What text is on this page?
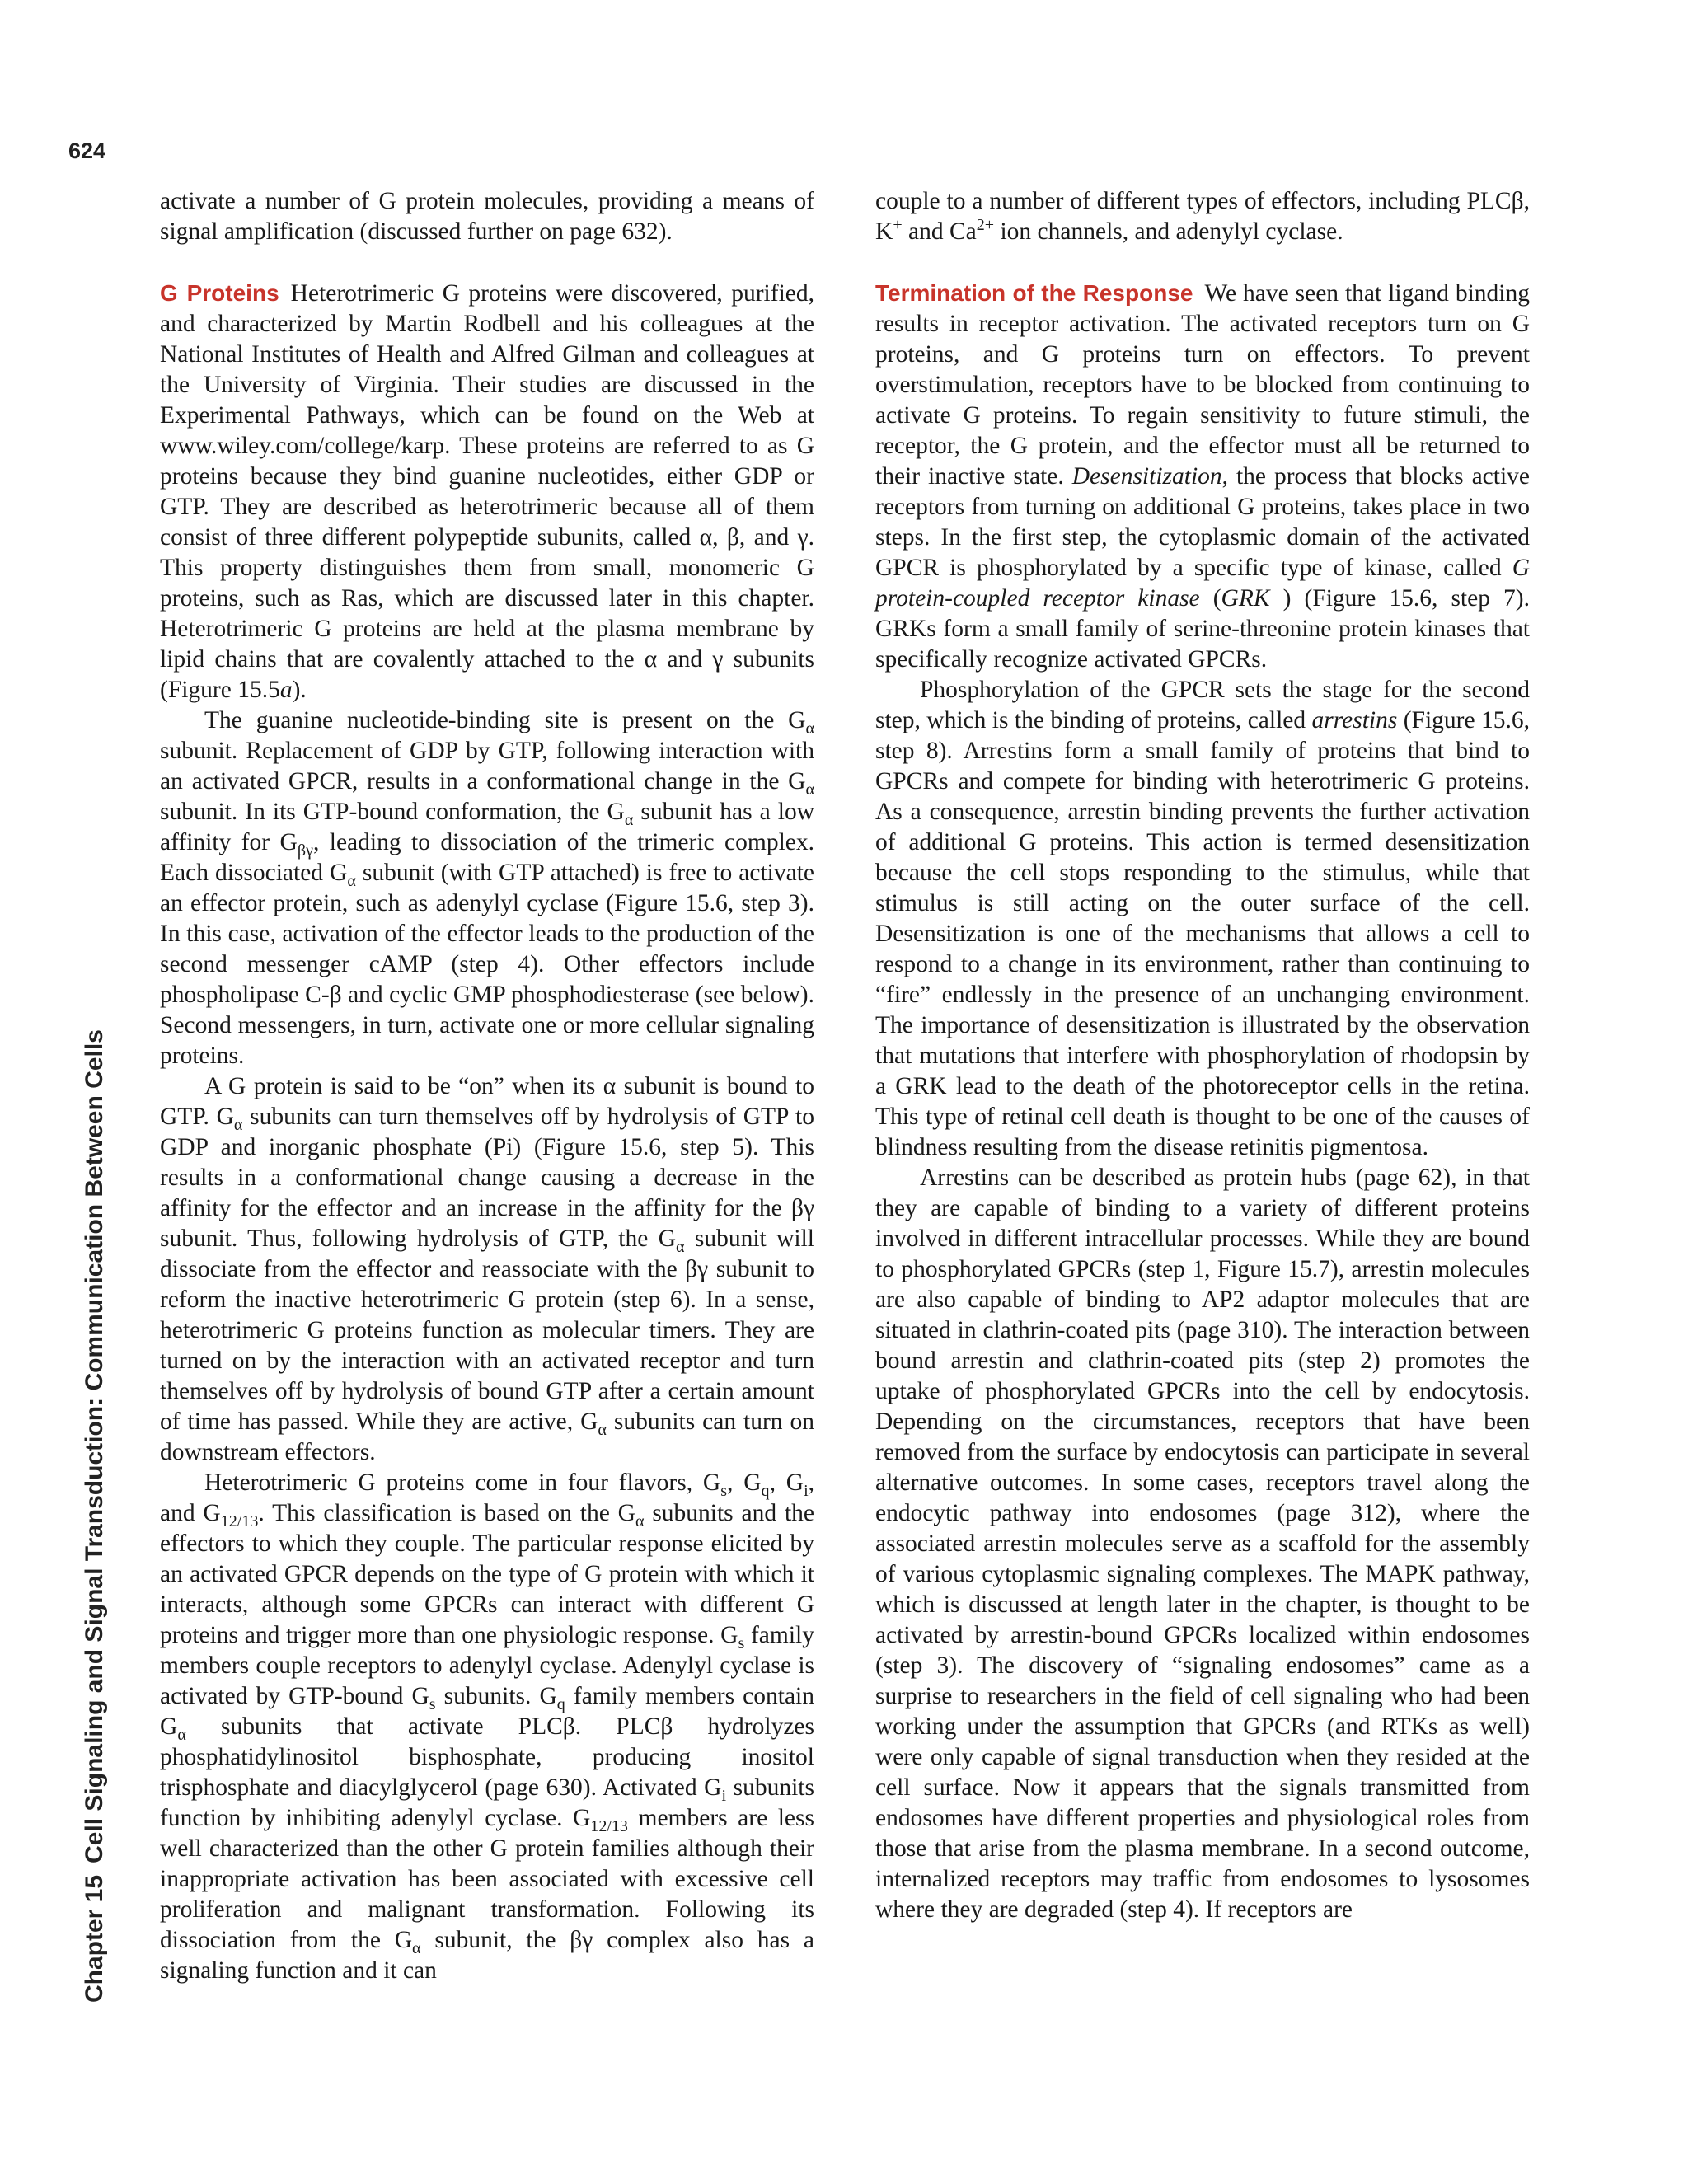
624
Chapter 15Cell Signaling and Signal Transduction: Communication Between Cells

activate a number of G protein molecules, providing a means of signal amplification (discussed further on page 632).

G Proteins Heterotrimeric G proteins were discovered, purified, and characterized by Martin Rodbell and his colleagues at the National Institutes of Health and Alfred Gilman and colleagues at the University of Virginia. Their studies are discussed in the Experimental Pathways, which can be found on the Web at www.wiley.com/college/karp. These proteins are referred to as G proteins because they bind guanine nucleotides, either GDP or GTP. They are described as heterotrimeric because all of them consist of three different polypeptide subunits, called α, β, and γ. This property distinguishes them from small, monomeric G proteins, such as Ras, which are discussed later in this chapter. Heterotrimeric G proteins are held at the plasma membrane by lipid chains that are covalently attached to the α and γ subunits (Figure 15.5a).

The guanine nucleotide-binding site is present on the $G_\alpha$ subunit. Replacement of GDP by GTP, following interaction with an activated GPCR, results in a conformational change in the $G_\alpha$ subunit. In its GTP-bound conformation, the $G_\alpha$ subunit has a low affinity for $G_{\beta\gamma}$, leading to dissociation of the trimeric complex. Each dissociated $G_\alpha$ subunit (with GTP attached) is free to activate an effector protein, such as adenylyl cyclase (Figure 15.6, step 3). In this case, activation of the effector leads to the production of the second messenger cAMP (step 4). Other effectors include phospholipase C-β and cyclic GMP phosphodiesterase (see below). Second messengers, in turn, activate one or more cellular signaling proteins.

A G protein is said to be “on” when its α subunit is bound to GTP. $G_\alpha$ subunits can turn themselves off by hydrolysis of GTP to GDP and inorganic phosphate (Pi) (Figure 15.6, step 5). This results in a conformational change causing a decrease in the affinity for the effector and an increase in the affinity for the βγ subunit. Thus, following hydrolysis of GTP, the $G_\alpha$ subunit will dissociate from the effector and reassociate with the βγ subunit to reform the inactive heterotrimeric G protein (step 6). In a sense, heterotrimeric G proteins function as molecular timers. They are turned on by the interaction with an activated receptor and turn themselves off by hydrolysis of bound GTP after a certain amount of time has passed. While they are active, $G_\alpha$ subunits can turn on downstream effectors.

Heterotrimeric G proteins come in four flavors, $G_s$, $G_q$, $G_i$, and $G_{12/13}$. This classification is based on the $G_\alpha$ subunits and the effectors to which they couple. The particular response elicited by an activated GPCR depends on the type of G protein with which it interacts, although some GPCRs can interact with different G proteins and trigger more than one physiologic response. $G_s$ family members couple receptors to adenylyl cyclase. Adenylyl cyclase is activated by GTP-bound $G_s$ subunits. $G_q$ family members contain $G_\alpha$ subunits that activate PLCβ. PLCβ hydrolyzes phosphatidylinositol bisphosphate, producing inositol trisphosphate and diacylglycerol (page 630). Activated $G_i$ subunits function by inhibiting adenylyl cyclase. $G_{12/13}$ members are less well characterized than the other G protein families although their inappropriate activation has been associated with excessive cell proliferation and malignant transformation. Following its dissociation from the $G_\alpha$ subunit, the βγ complex also has a signaling function and it can

couple to a number of different types of effectors, including PLCβ, K+ and $Ca^{2+}$ ion channels, and adenylyl cyclase.

Termination of the Response We have seen that ligand binding results in receptor activation. The activated receptors turn on G proteins, and G proteins turn on effectors. To prevent overstimulation, receptors have to be blocked from continuing to activate G proteins. To regain sensitivity to future stimuli, the receptor, the G protein, and the effector must all be returned to their inactive state. Desensitization, the process that blocks active receptors from turning on additional G proteins, takes place in two steps. In the first step, the cytoplasmic domain of the activated GPCR is phosphorylated by a specific type of kinase, called G protein-coupled receptor kinase (GRK ) (Figure 15.6, step 7). GRKs form a small family of serine-threonine protein kinases that specifically recognize activated GPCRs.

Phosphorylation of the GPCR sets the stage for the second step, which is the binding of proteins, called arrestins (Figure 15.6, step 8). Arrestins form a small family of proteins that bind to GPCRs and compete for binding with heterotrimeric G proteins. As a consequence, arrestin binding prevents the further activation of additional G proteins. This action is termed desensitization because the cell stops responding to the stimulus, while that stimulus is still acting on the outer surface of the cell. Desensitization is one of the mechanisms that allows a cell to respond to a change in its environment, rather than continuing to “fire” endlessly in the presence of an unchanging environment. The importance of desensitization is illustrated by the observation that mutations that interfere with phosphorylation of rhodopsin by a GRK lead to the death of the photoreceptor cells in the retina. This type of retinal cell death is thought to be one of the causes of blindness resulting from the disease retinitis pigmentosa.

Arrestins can be described as protein hubs (page 62), in that they are capable of binding to a variety of different proteins involved in different intracellular processes. While they are bound to phosphorylated GPCRs (step 1, Figure 15.7), arrestin molecules are also capable of binding to AP2 adaptor molecules that are situated in clathrin-coated pits (page 310). The interaction between bound arrestin and clathrin-coated pits (step 2) promotes the uptake of phosphorylated GPCRs into the cell by endocytosis. Depending on the circumstances, receptors that have been removed from the surface by endocytosis can participate in several alternative outcomes. In some cases, receptors travel along the endocytic pathway into endosomes (page 312), where the associated arrestin molecules serve as a scaffold for the assembly of various cytoplasmic signaling complexes. The MAPK pathway, which is discussed at length later in the chapter, is thought to be activated by arrestin-bound GPCRs localized within endosomes (step 3). The discovery of “signaling endosomes” came as a surprise to researchers in the field of cell signaling who had been working under the assumption that GPCRs (and RTKs as well) were only capable of signal transduction when they resided at the cell surface. Now it appears that the signals transmitted from endosomes have different properties and physiological roles from those that arise from the plasma membrane. In a second outcome, internalized receptors may traffic from endosomes to lysosomes where they are degraded (step 4). If receptors are
